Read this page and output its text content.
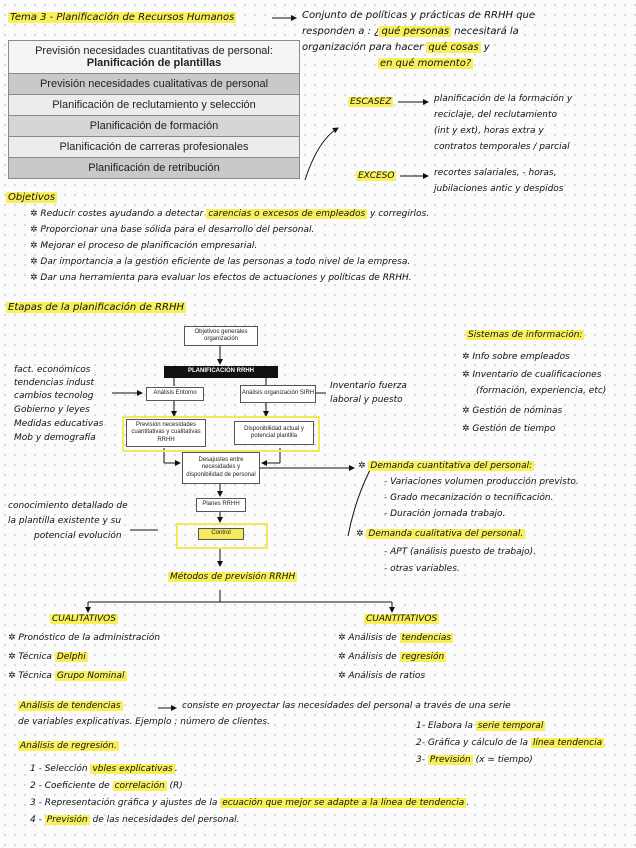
Tema 3 - Planificación de Recursos Humanos	Conjunto de políticas y prácticas de RRHH que
responden a : ¿ qué personas necesitará la
organización para hacer qué cosas y
en qué momento?
Previsión necesidades cuantitativas de personal:
Planificación de plantillas

Previsión necesidades cualitativas de personal
Planificación de reclutamiento y selección
Planificación de formación
Planificación de carreras profesionales
Planificación de retribución
ESCASEZ	planificación de la formación y
reciclaje, del reclutamiento
(int y ext), horas extra y
contratos temporales / parcial
EXCESO	recortes salariales, - horas,
jubilaciones antic y despidos
Objetivos
✲ Reducir costes ayudando a detectar carencias o excesos de empleados y corregirlos.
✲ Proporcionar una base sólida para el desarrollo del personal.
✲ Mejorar el proceso de planificación empresarial.
✲ Dar importancia a la gestión eficiente de las personas a todo nivel de la empresa.
✲ Dar una herramienta para evaluar los efectos de actuaciones y políticas de RRHH.
Etapas de la planificación de RRHH
Objetivos generales organización
PLANIFICACIÓN RRHH
Análisis Entorno	Análisis organización SIRH
Previsión necesidades cuantitativas y cualitativas RRHH
Disponibilidad actual y potencial plantilla
Desajustes entre necesidades y disponibilidad de personal
Planes RRHH
Control
fact. económicos
tendencias indust
cambios tecnolog
Gobierno y leyes
Medidas educativas
Mob y demografía
Inventario fuerza
laboral y puesto
conocimiento detallado de
la plantilla existente y su
potencial evolución
Sistemas de información:
✲ Info sobre empleados
✲ Inventario de cualificaciones
(formación, experiencia, etc)
✲ Gestión de nóminas
✲ Gestión de tiempo
✲ Demanda cuantitativa del personal:
- Variaciones volumen producción previsto.
- Grado mecanización o tecnificación.
- Duración jornada trabajo.
✲ Demanda cualitativa del personal.
- APT (análisis puesto de trabajo).
- otras variables.
Métodos de previsión RRHH
CUALITATIVOS
✲ Pronóstico de la administración
✲ Técnica Delphi
✲ Técnica Grupo Nominal
CUANTITATIVOS
✲ Análisis de tendencias
✲ Análisis de regresión
✲ Análisis de ratios
Análisis de tendencias	consiste en proyectar las necesidades del personal a través de una serie
de variables explicativas. Ejemplo : número de clientes.	1- Elabora la serie temporal
2- Gráfica y cálculo de la línea tendencia
3- Previsión (x = tiempo)
Análisis de regresión.
1 - Selección vbles explicativas .
2 - Coeficiente de correlación (R)
3 - Representación gráfica y ajustes de la ecuación que mejor se adapte a la línea de tendencia .
4 - Previsión de las necesidades del personal.
